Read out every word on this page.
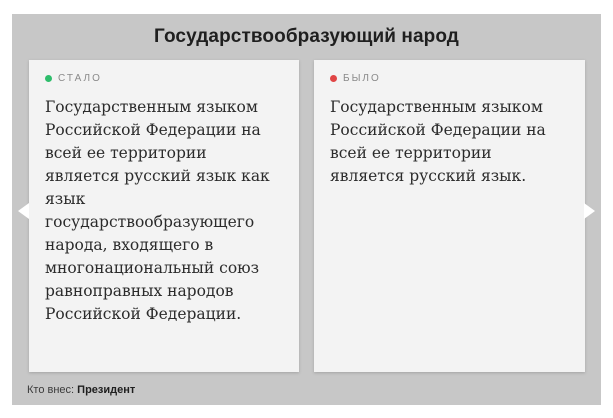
Государствообразующий народ
СТАЛО

Государственным языком Российской Федерации на всей ее территории является русский язык как язык государствообразующего народа, входящего в многонациональный союз равноправных народов Российской Федерации.

БЫЛО

Государственным языком Российской Федерации на всей ее территории является русский язык.

Кто внес: Президент
